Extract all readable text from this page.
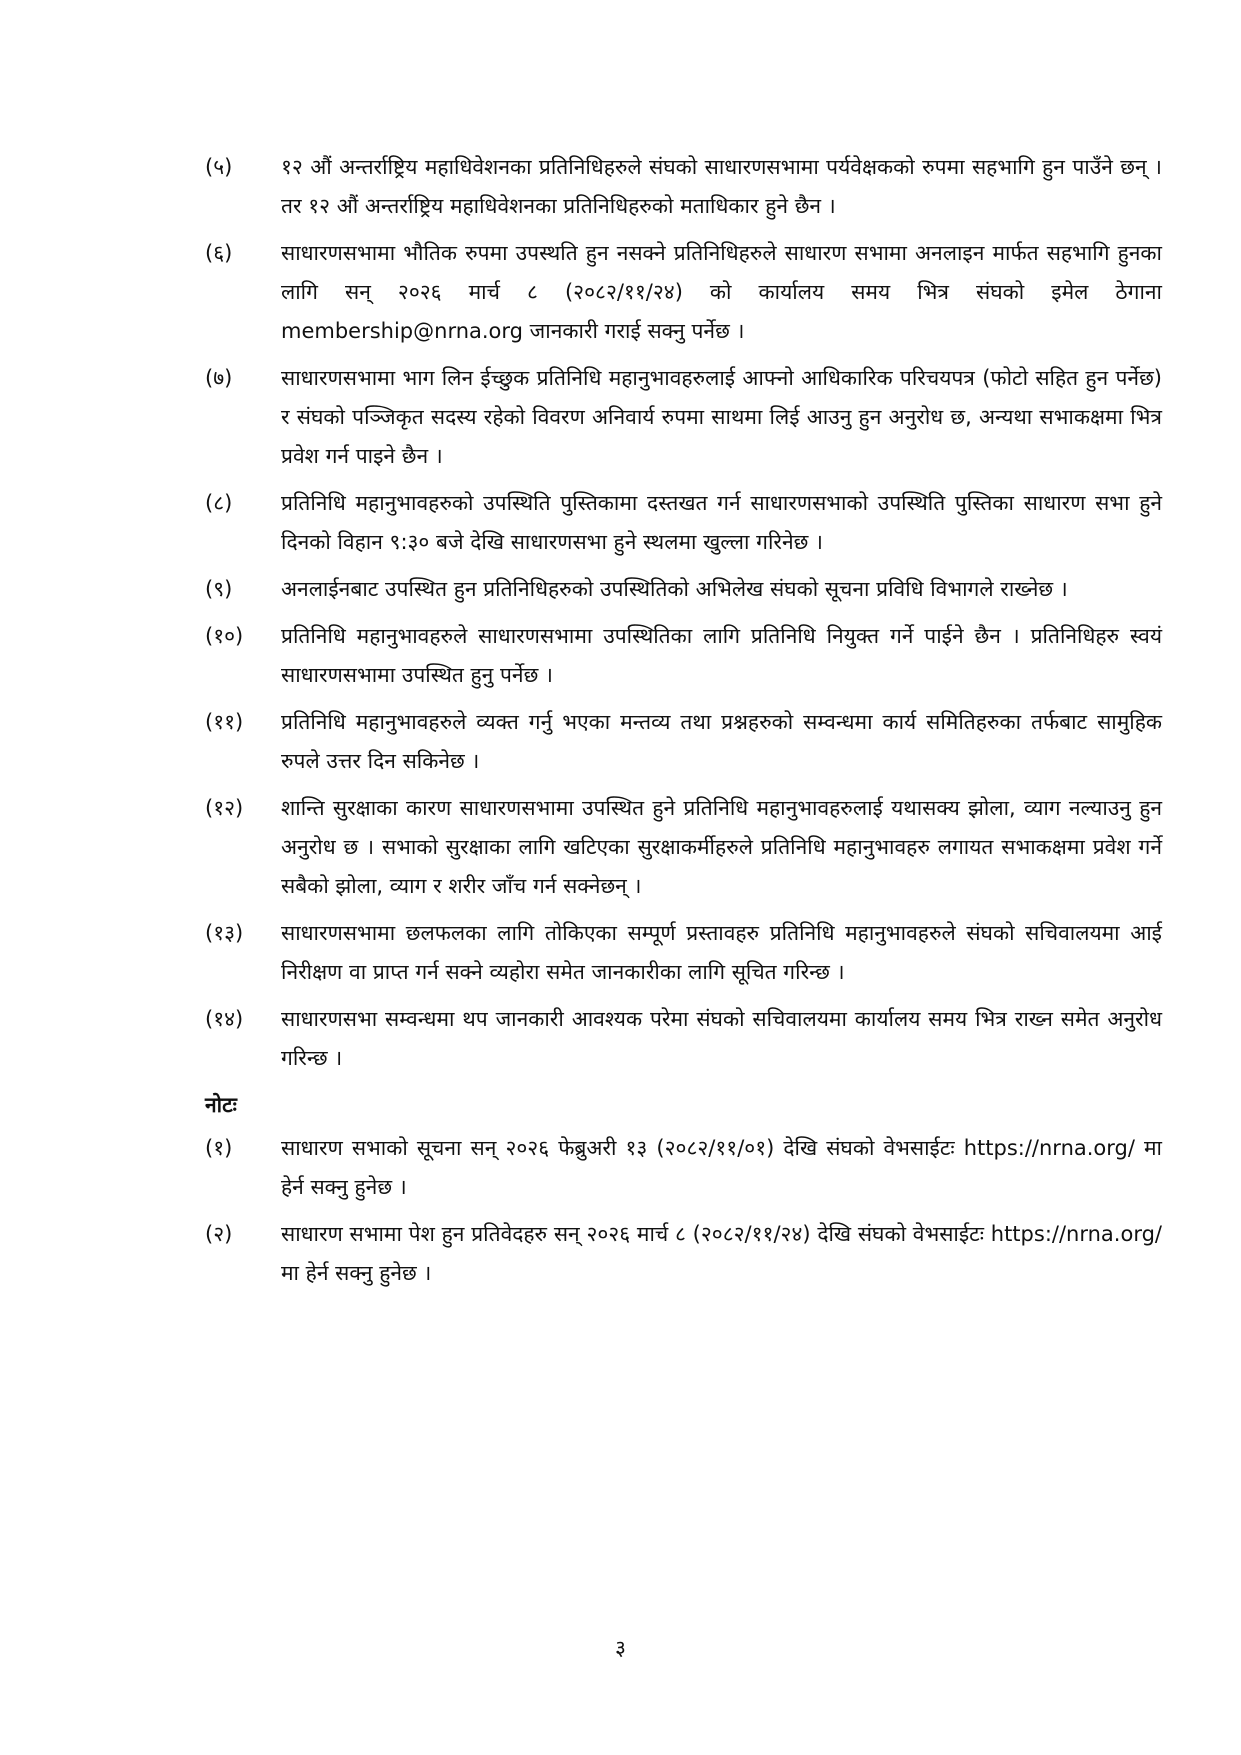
(५)	१२ औं अन्तर्राष्ट्रिय महाधिवेशनका प्रतिनिधिहरुले संघको साधारणसभामा पर्यवेक्षकको रुपमा सहभागि हुन पाउँने छन् । तर १२ औं अन्तर्राष्ट्रिय महाधिवेशनका प्रतिनिधिहरुको मताधिकार हुने छैन ।
(६)	साधारणसभामा भौतिक रुपमा उपस्थति हुन नसक्ने प्रतिनिधिहरुले साधारण सभामा अनलाइन मार्फत सहभागि हुनका लागि सन् २०२६ मार्च ८ (२०८२/११/२४) को कार्यालय समय भित्र संघको इमेल ठेगाना membership@nrna.org जानकारी गराई सक्नु पर्नेछ ।
(७)	साधारणसभामा भाग लिन ईच्छुक प्रतिनिधि महानुभावहरुलाई आफ्नो आधिकारिक परिचयपत्र (फोटो सहित हुन पर्नेछ) र संघको पञ्जिकृत सदस्य रहेको विवरण अनिवार्य रुपमा साथमा लिई आउनु हुन अनुरोध छ, अन्यथा सभाकक्षमा भित्र प्रवेश गर्न पाइने छैन ।
(८)	प्रतिनिधि महानुभावहरुको उपस्थिति पुस्तिकामा दस्तखत गर्न साधारणसभाको उपस्थिति पुस्तिका साधारण सभा हुने दिनको विहान ९:३० बजे देखि साधारणसभा हुने स्थलमा खुल्ला गरिनेछ ।
(९)	अनलाईनबाट उपस्थित हुन प्रतिनिधिहरुको उपस्थितिको अभिलेख संघको सूचना प्रविधि विभागले राख्नेछ ।
(१०)	प्रतिनिधि महानुभावहरुले साधारणसभामा उपस्थितिका लागि प्रतिनिधि नियुक्त गर्ने पाईने छैन । प्रतिनिधिहरु स्वयं साधारणसभामा उपस्थित हुनु पर्नेछ ।
(११)	प्रतिनिधि महानुभावहरुले व्यक्त गर्नु भएका मन्तव्य तथा प्रश्नहरुको सम्वन्धमा कार्य समितिहरुका तर्फबाट सामुहिक रुपले उत्तर दिन सकिनेछ ।
(१२)	शान्ति सुरक्षाका कारण साधारणसभामा उपस्थित हुने प्रतिनिधि महानुभावहरुलाई यथासक्य झोला, व्याग नल्याउनु हुन अनुरोध छ । सभाको सुरक्षाका लागि खटिएका सुरक्षाकर्मीहरुले प्रतिनिधि महानुभावहरु लगायत सभाकक्षमा प्रवेश गर्ने सबैको झोला, व्याग र शरीर जाँच गर्न सक्नेछन् ।
(१३)	साधारणसभामा छलफलका लागि तोकिएका सम्पूर्ण प्रस्तावहरु प्रतिनिधि महानुभावहरुले संघको सचिवालयमा आई निरीक्षण वा प्राप्त गर्न सक्ने व्यहोरा समेत जानकारीका लागि सूचित गरिन्छ ।
(१४)	साधारणसभा सम्वन्धमा थप जानकारी आवश्यक परेमा संघको सचिवालयमा कार्यालय समय भित्र राख्न समेत अनुरोध गरिन्छ ।
नोटः
(१)	साधारण सभाको सूचना सन् २०२६ फेब्रुअरी १३ (२०८२/११/०१) देखि संघको वेभसाईटः https://nrna.org/ मा हेर्न सक्नु हुनेछ ।
(२)	साधारण सभामा पेश हुन प्रतिवेदहरु सन् २०२६ मार्च ८ (२०८२/११/२४) देखि संघको वेभसाईटः https://nrna.org/ मा हेर्न सक्नु हुनेछ ।
३
